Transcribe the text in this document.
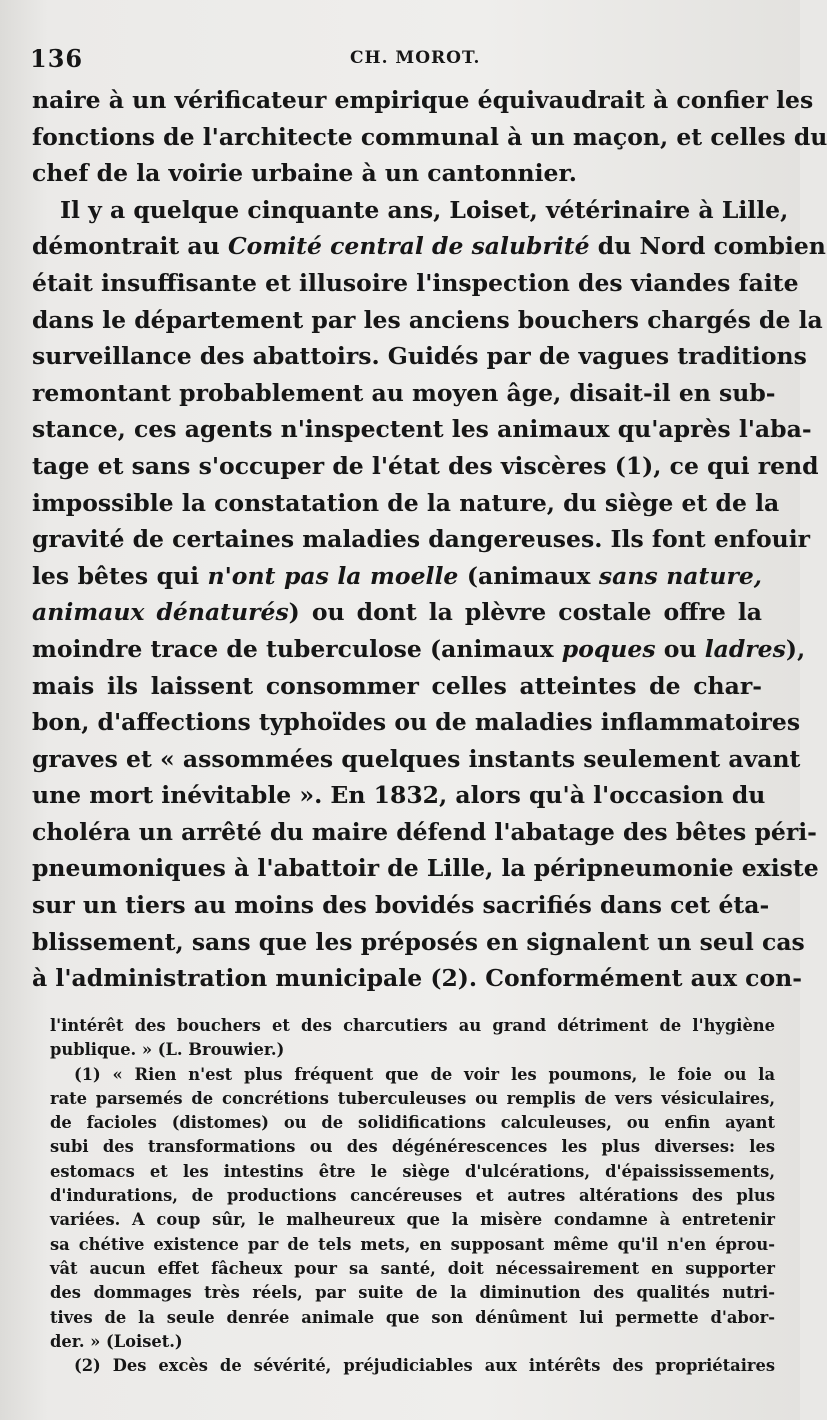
136	CH. MOROT.
naire à un vérificateur empirique équivaudrait à confier les
fonctions de l'architecte communal à un maçon, et celles du
chef de la voirie urbaine à un cantonnier.
Il y a quelque cinquante ans, Loiset, vétérinaire à Lille,
démontrait au Comité central de salubrité du Nord combien
était insuffisante et illusoire l'inspection des viandes faite
dans le département par les anciens bouchers chargés de la
surveillance des abattoirs. Guidés par de vagues traditions
remontant probablement au moyen âge, disait-il en sub-
stance, ces agents n'inspectent les animaux qu'après l'aba-
tage et sans s'occuper de l'état des viscères (1), ce qui rend
impossible la constatation de la nature, du siège et de la
gravité de certaines maladies dangereuses. Ils font enfouir
les bêtes qui n'ont pas la moelle (animaux sans nature,
animaux dénaturés) ou dont la plèvre costale offre la
moindre trace de tuberculose (animaux poques ou ladres),
mais ils laissent consommer celles atteintes de char-
bon, d'affections typhoïdes ou de maladies inflammatoires
graves et « assommées quelques instants seulement avant
une mort inévitable ». En 1832, alors qu'à l'occasion du
choléra un arrêté du maire défend l'abatage des bêtes péri-
pneumoniques à l'abattoir de Lille, la péripneumonie existe
sur un tiers au moins des bovidés sacrifiés dans cet éta-
blissement, sans que les préposés en signalent un seul cas
à l'administration municipale (2). Conformément aux con-
l'intérêt des bouchers et des charcutiers au grand détriment de l'hygiène
publique. » (L. Brouwier.)
(1) « Rien n'est plus fréquent que de voir les poumons, le foie ou la
rate parsemés de concrétions tuberculeuses ou remplis de vers vésiculaires,
de facioles (distomes) ou de solidifications calculeuses, ou enfin ayant
subi des transformations ou des dégénérescences les plus diverses: les
estomacs et les intestins être le siège d'ulcérations, d'épaississements,
d'indurations, de productions cancéreuses et autres altérations des plus
variées. A coup sûr, le malheureux que la misère condamne à entretenir
sa chétive existence par de tels mets, en supposant même qu'il n'en éprou-
vât aucun effet fâcheux pour sa santé, doit nécessairement en supporter
des dommages très réels, par suite de la diminution des qualités nutri-
tives de la seule denrée animale que son dénûment lui permette d'abor-
der. » (Loiset.)
(2) Des excès de sévérité, préjudiciables aux intérêts des propriétaires
